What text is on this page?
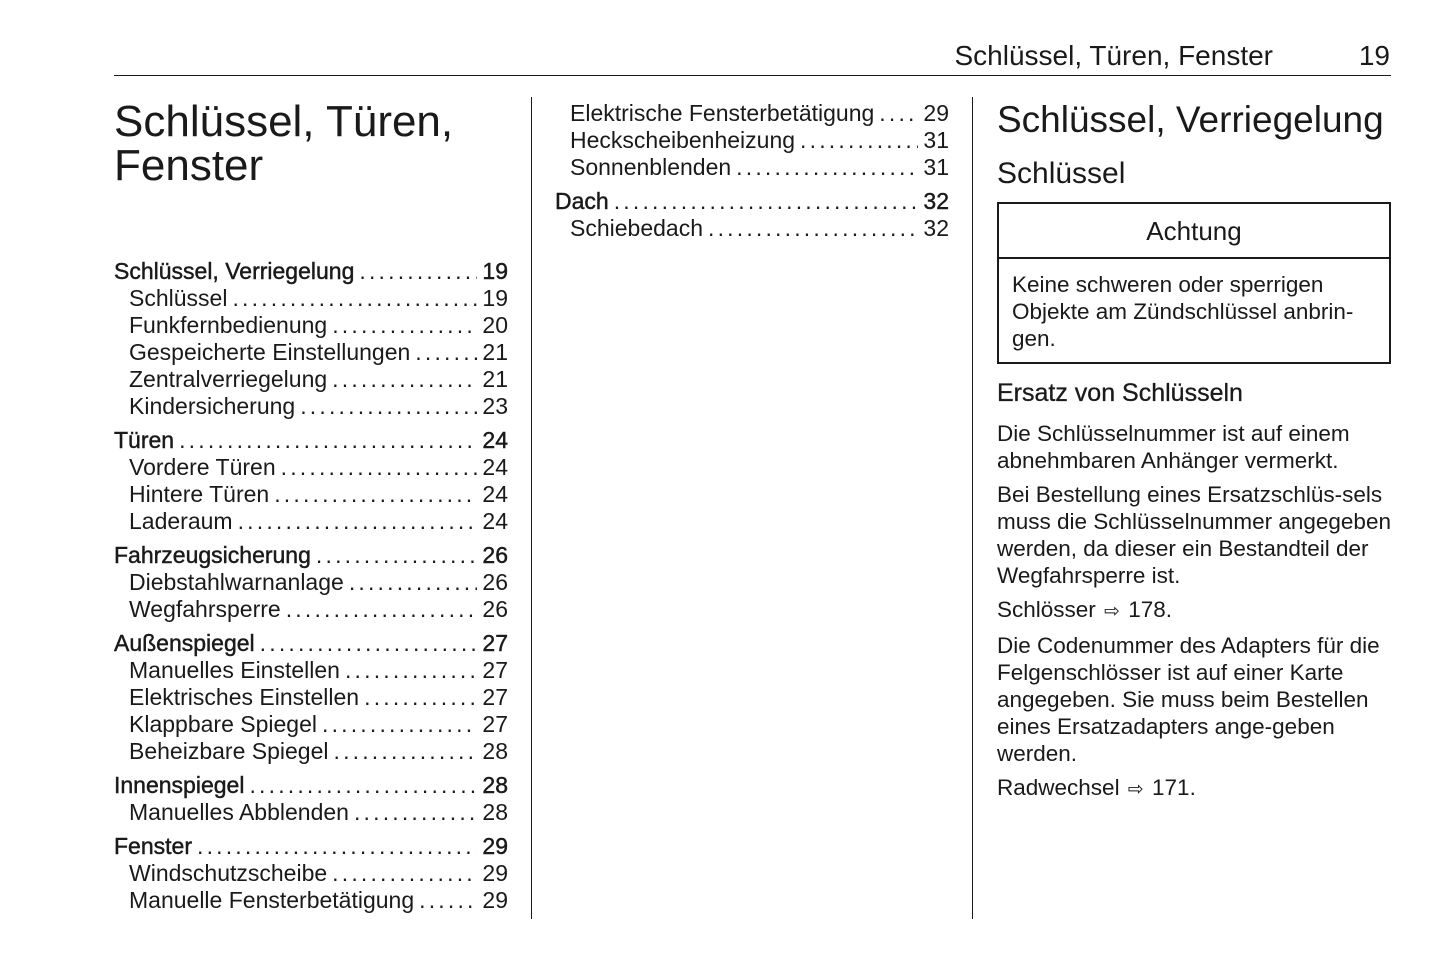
Schlüssel, Türen, Fenster	19
Schlüssel, Türen,
Fenster
Schlüssel, Verriegelung . . .	19
Schlüssel . . .	19
Funkfernbedienung . . .	20
Gespeicherte Einstellungen . . .	21
Zentralverriegelung . . .	21
Kindersicherung . . .	23
Türen . . .	24
Vordere Türen . . .	24
Hintere Türen . . .	24
Laderaum . . .	24
Fahrzeugsicherung . . .	26
Diebstahlwarnanlage . . .	26
Wegfahrsperre . . .	26
Außenspiegel . . .	27
Manuelles Einstellen . . .	27
Elektrisches Einstellen . . .	27
Klappbare Spiegel . . .	27
Beheizbare Spiegel . . .	28
Innenspiegel . . .	28
Manuelles Abblenden . . .	28
Fenster . . .	29
Windschutzscheibe . . .	29
Manuelle Fensterbetätigung . . .	29
Elektrische Fensterbetätigung . . . 29
Heckscheibenheizung . . .	31
Sonnenblenden . . .	31
Dach . . .	32
Schiebedach . . .	32
Schlüssel, Verriegelung
Schlüssel
Achtung
Keine schweren oder sperrigen Objekte am Zündschlüssel anbrin-gen.
Ersatz von Schlüsseln

Die Schlüsselnummer ist auf einem abnehmbaren Anhänger vermerkt.

Bei Bestellung eines Ersatzschlüs-sels muss die Schlüsselnummer angegeben werden, da dieser ein Bestandteil der Wegfahrsperre ist.

Schlösser ⇨ 178.

Die Codenummer des Adapters für die Felgenschlösser ist auf einer Karte angegeben. Sie muss beim Bestellen eines Ersatzadapters ange-geben werden.

Radwechsel ⇨ 171.
